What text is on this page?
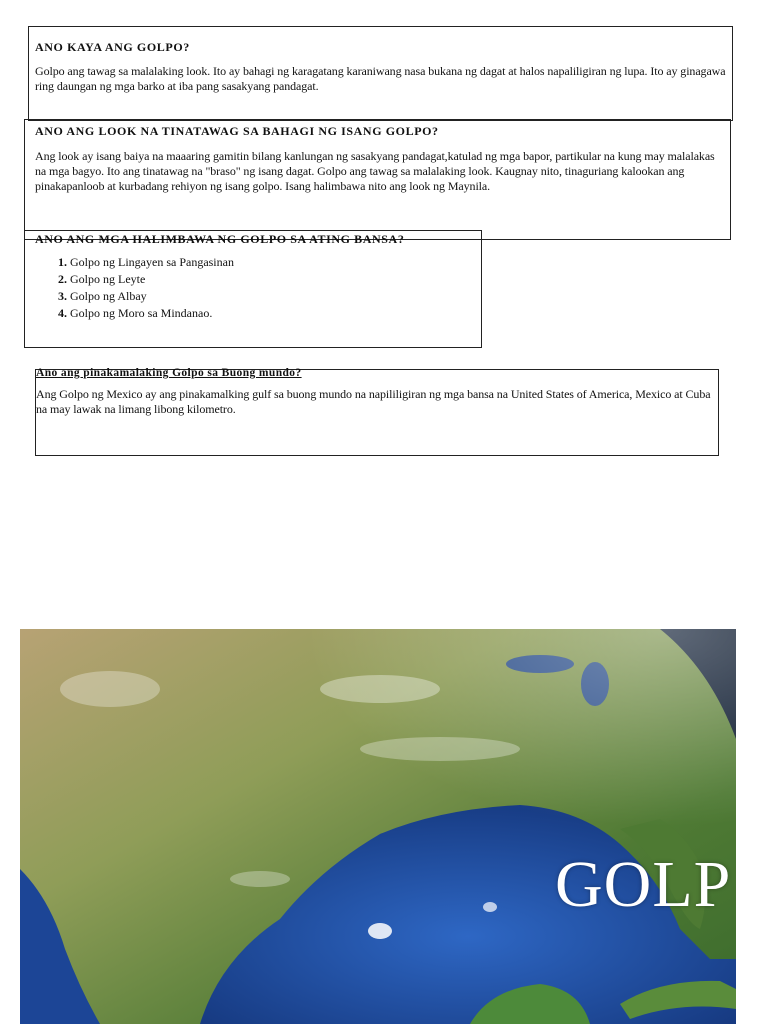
ANO KAYA ANG GOLPO?

Golpo ang tawag sa malalaking look. Ito ay bahagi ng karagatang karaniwang nasa bukana ng dagat at halos napaliligiran ng lupa. Ito ay ginagawa ring daungan ng mga barko at iba pang sasakyang pandagat.

ANO ANG LOOK NA TINATAWAG SA BAHAGI NG ISANG GOLPO?

Ang look ay isang baiya na maaaring gamitin bilang kanlungan ng sasakyang pandagat,katulad ng mga bapor, partikular na kung may malalakas na mga bagyo. Ito ang tinatawag na "braso" ng isang dagat. Golpo ang tawag sa malalaking look. Kaugnay nito, tinaguriang kalookan ang pinakapanloob at kurbadang rehiyon ng isang golpo. Isang halimbawa nito ang look ng Maynila.

ANO ANG MGA HALIMBAWA NG GOLPO SA ATING BANSA?
1. Golpo ng Lingayen sa Pangasinan
2. Golpo ng Leyte
3. Golpo ng Albay
4. Golpo ng Moro sa Mindanao.
Ano ang pinakamalaking Golpo sa Buong mundo?

Ang Golpo ng Mexico ay ang pinakamalking gulf sa buong mundo na napililigiran ng mga bansa na United States of America, Mexico at Cuba na may lawak na limang libong kilometro.

GOLP
